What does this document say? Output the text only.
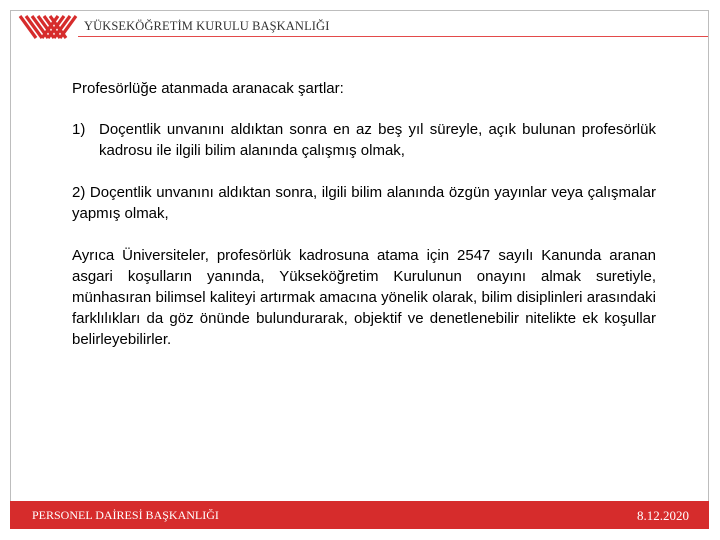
YÜKSEKÖĞRETİM KURULU BAŞKANLIĞI
Profesörlüğe atanmada aranacak şartlar:
1) Doçentlik unvanını aldıktan sonra en az beş yıl süreyle, açık bulunan profesörlük kadrosu ile ilgili bilim alanında çalışmış olmak,
2) Doçentlik unvanını aldıktan sonra, ilgili bilim alanında özgün yayınlar veya çalışmalar yapmış olmak,

Ayrıca Üniversiteler, profesörlük kadrosuna atama için 2547 sayılı Kanunda aranan asgari koşulların yanında, Yükseköğretim Kurulunun onayını almak suretiyle, münhasıran bilimsel kaliteyi artırmak amacına yönelik olarak, bilim disiplinleri arasındaki farklılıkları da göz önünde bulundurarak, objektif ve denetlenebilir nitelikte ek koşullar belirleyebilirler.

PERSONEL DAİRESİ BAŞKANLIĞI	8.12.2020
